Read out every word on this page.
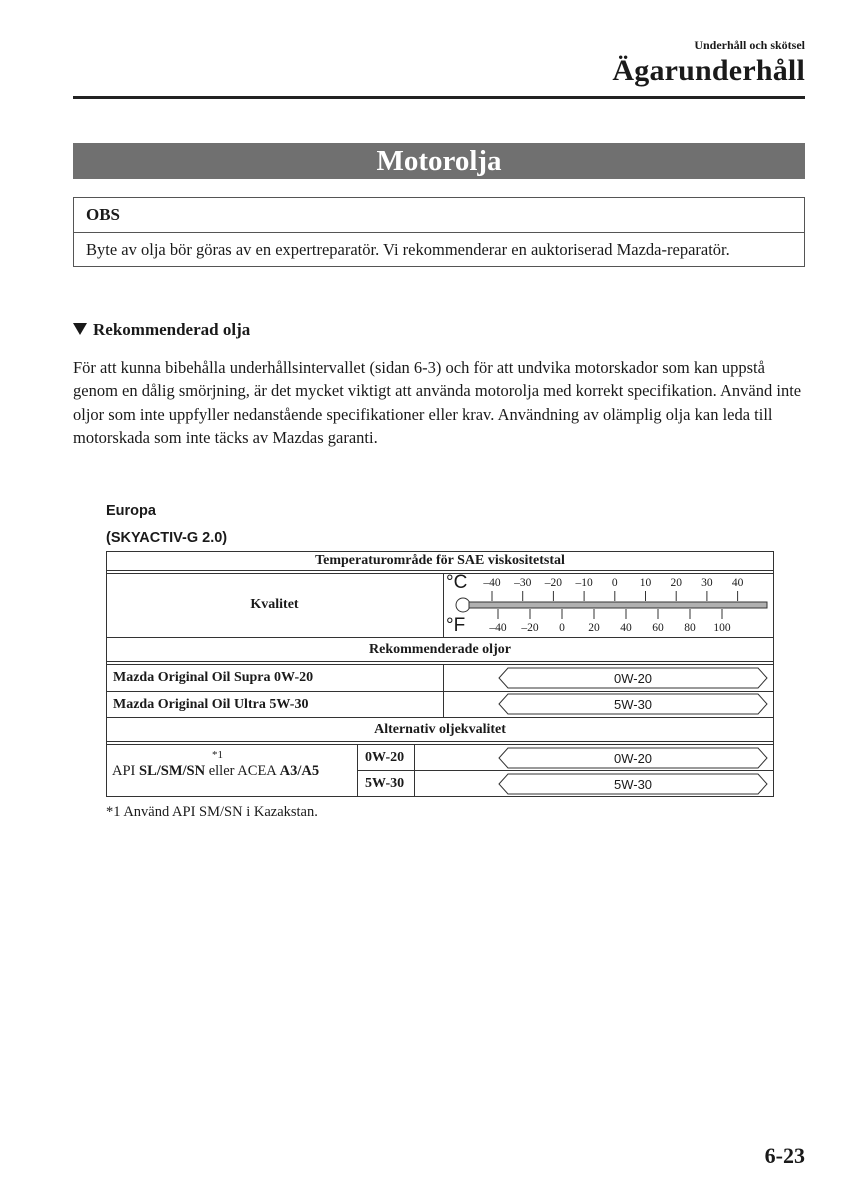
Underhåll och skötsel
Ägarunderhåll
Motorolja
OBS
Byte av olja bör göras av en expertreparatör. Vi rekommenderar en auktoriserad Mazda-reparatör.
Rekommenderad olja
För att kunna bibehålla underhållsintervallet (sidan 6-3) och för att undvika motorskador som kan uppstå genom en dålig smörjning, är det mycket viktigt att använda motorolja med korrekt specifikation. Använd inte oljor som inte uppfyller nedanstående specifikationer eller krav. Användning av olämplig olja kan leda till motorskada som inte täcks av Mazdas garanti.
Europa
(SKYACTIV-G 2.0)
Temperaturområde för SAE viskositetstal
Kvalitet
°C
°F
–40 –30 –20 –10 0 10 20 30 40
–40 –20 0 20 40 60 80 100
Rekommenderade oljor
Mazda Original Oil Supra 0W-20
Mazda Original Oil Ultra 5W-30
0W-20
5W-30
Alternativ oljekvalitet
*1
API SL/SM/SN eller ACEA A3/A5
0W-20
5W-30
0W-20
5W-30
*1 Använd API SM/SN i Kazakstan.
6-23
